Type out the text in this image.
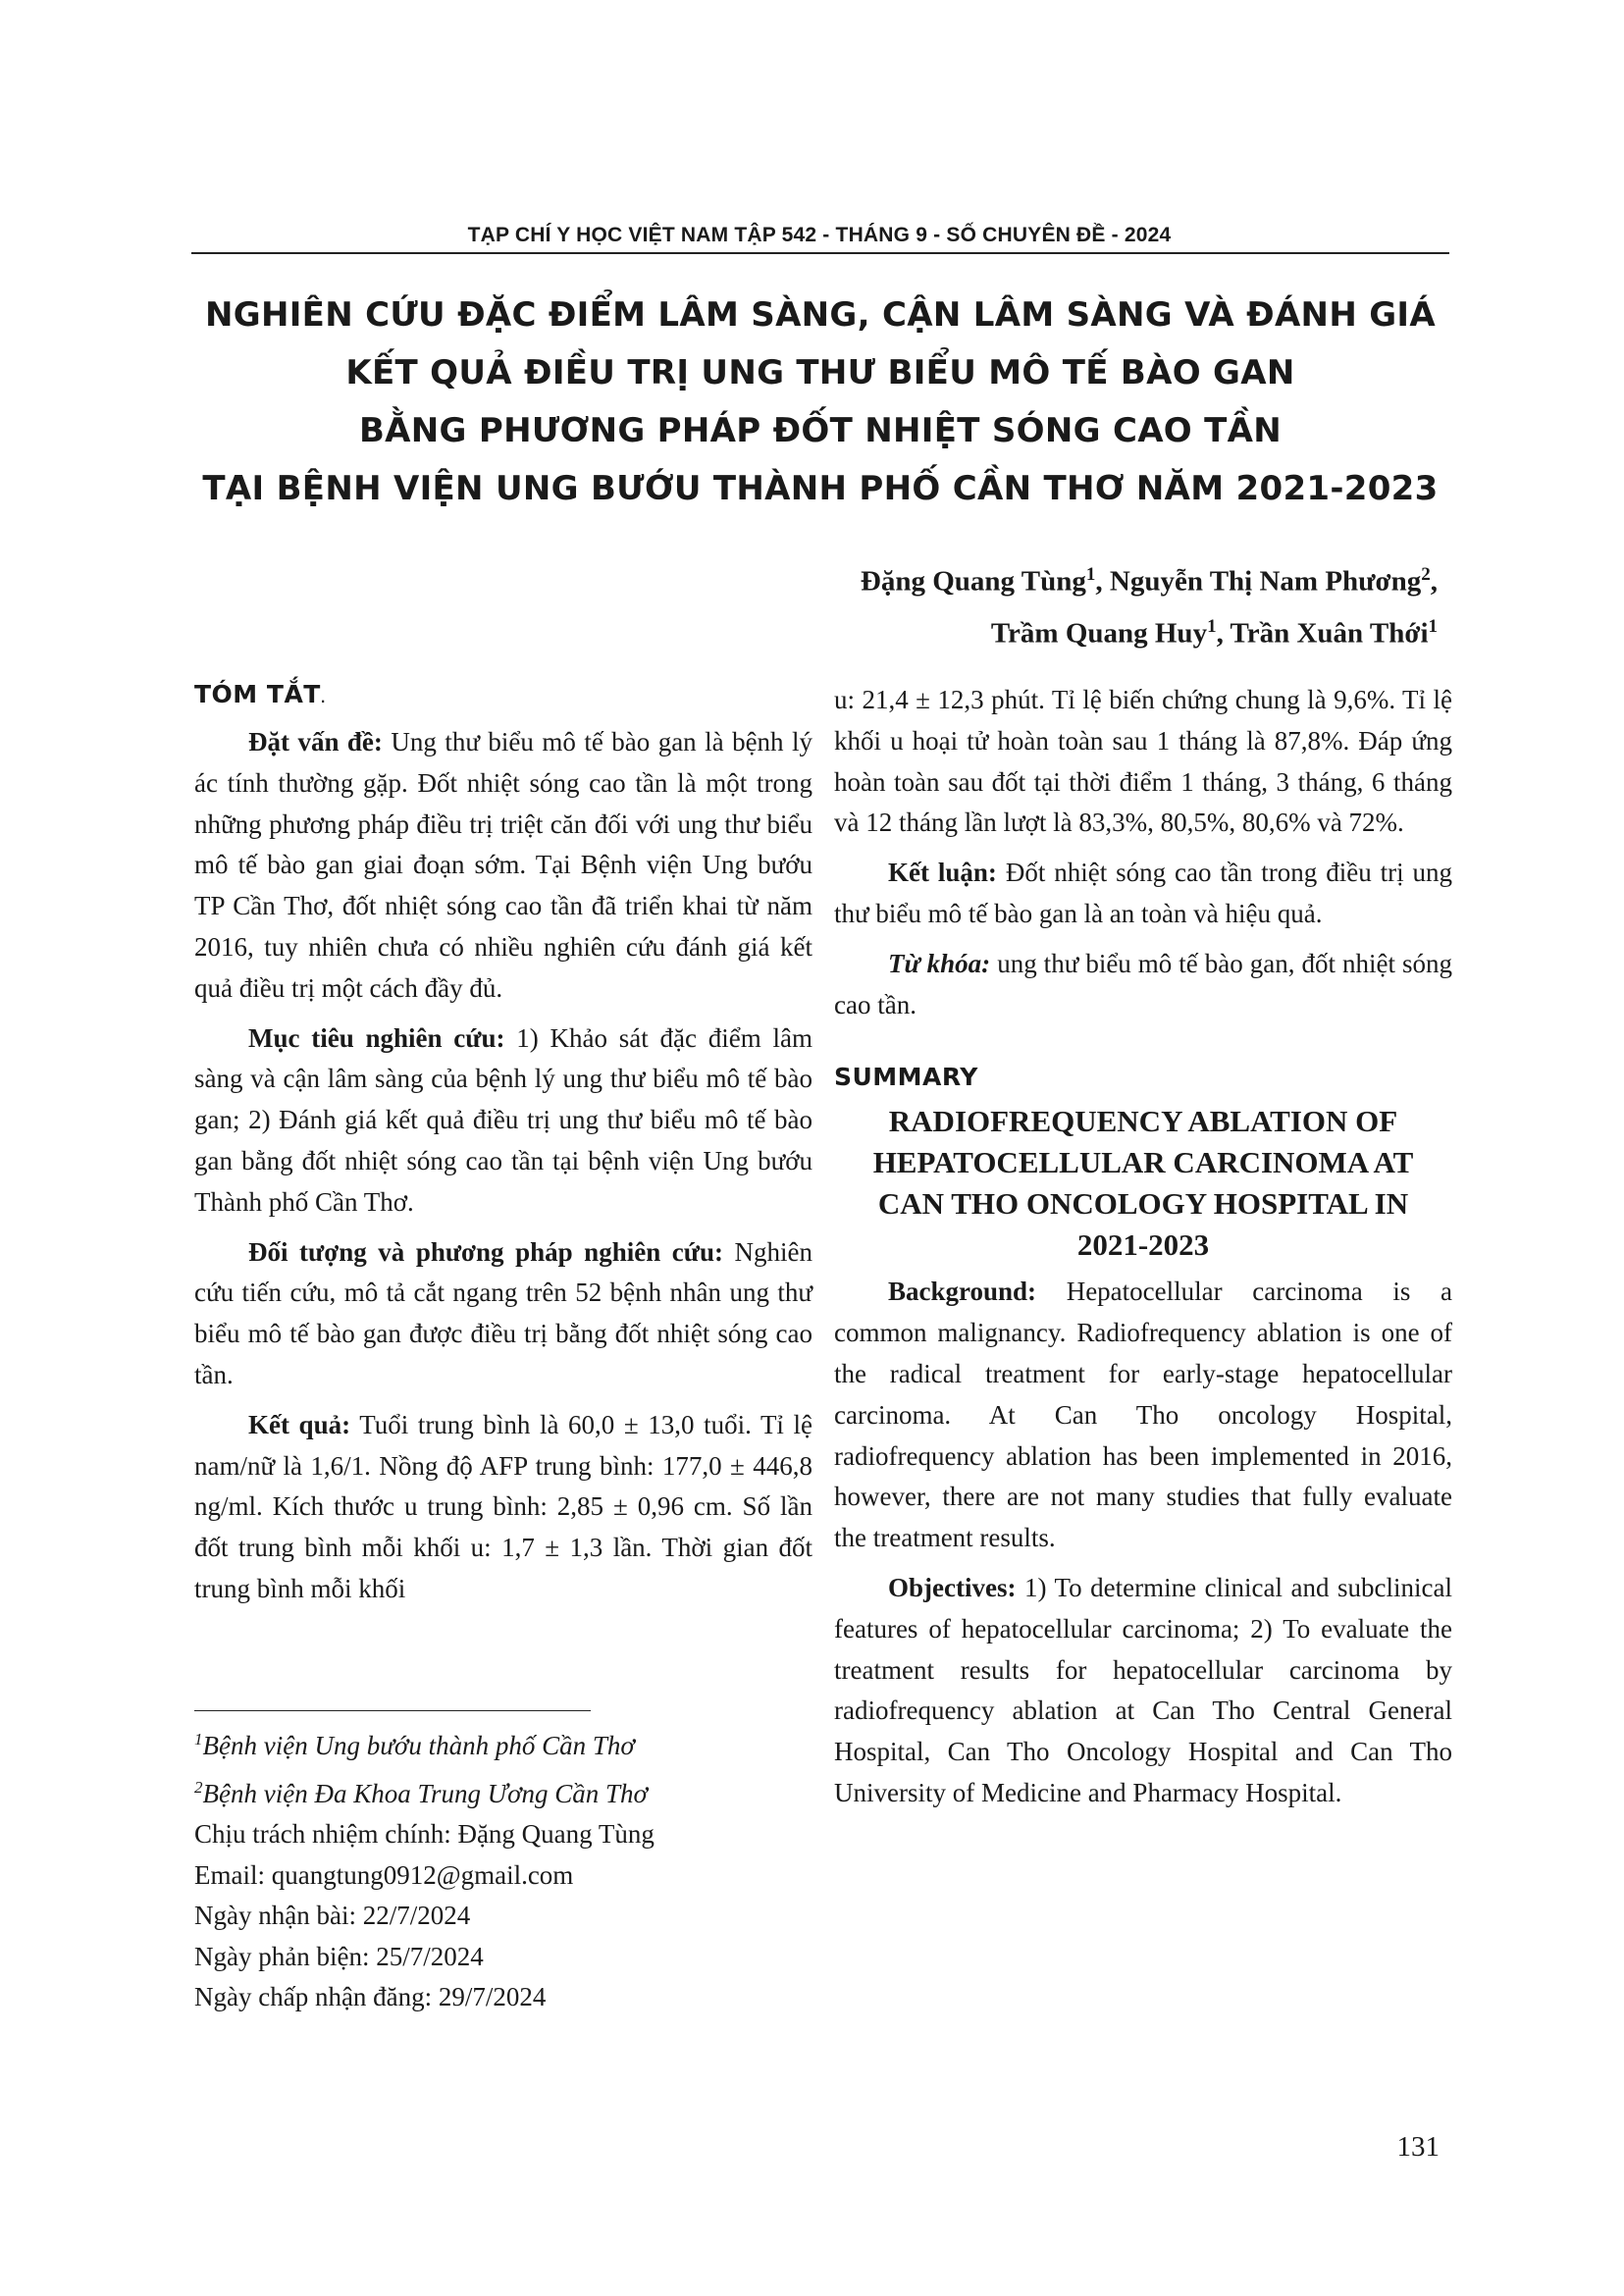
TẠP CHÍ Y HỌC VIỆT NAM TẬP 542 - THÁNG 9 - SỐ CHUYÊN ĐỀ - 2024
NGHIÊN CỨU ĐẶC ĐIỂM LÂM SÀNG, CẬN LÂM SÀNG VÀ ĐÁNH GIÁ
KẾT QUẢ ĐIỀU TRỊ UNG THƯ BIỂU MÔ TẾ BÀO GAN
BẰNG PHƯƠNG PHÁP ĐỐT NHIỆT SÓNG CAO TẦN
TẠI BỆNH VIỆN UNG BƯỚU THÀNH PHỐ CẦN THƠ NĂM 2021-2023
Đặng Quang Tùng$^1$, Nguyễn Thị Nam Phương$^2$,
Trầm Quang Huy$^1$, Trần Xuân Thới$^1$
TÓM TẮT.

Đặt vấn đề: Ung thư biểu mô tế bào gan là bệnh lý ác tính thường gặp. Đốt nhiệt sóng cao tần là một trong những phương pháp điều trị triệt căn đối với ung thư biểu mô tế bào gan giai đoạn sớm. Tại Bệnh viện Ung bướu TP Cần Thơ, đốt nhiệt sóng cao tần đã triển khai từ năm 2016, tuy nhiên chưa có nhiều nghiên cứu đánh giá kết quả điều trị một cách đầy đủ.

Mục tiêu nghiên cứu: 1) Khảo sát đặc điểm lâm sàng và cận lâm sàng của bệnh lý ung thư biểu mô tế bào gan; 2) Đánh giá kết quả điều trị ung thư biểu mô tế bào gan bằng đốt nhiệt sóng cao tần tại bệnh viện Ung bướu Thành phố Cần Thơ.

Đối tượng và phương pháp nghiên cứu: Nghiên cứu tiến cứu, mô tả cắt ngang trên 52 bệnh nhân ung thư biểu mô tế bào gan được điều trị bằng đốt nhiệt sóng cao tần.

Kết quả: Tuổi trung bình là 60,0 ± 13,0 tuổi. Tỉ lệ nam/nữ là 1,6/1. Nồng độ AFP trung bình: 177,0 ± 446,8 ng/ml. Kích thước u trung bình: 2,85 ± 0,96 cm. Số lần đốt trung bình mỗi khối u: 1,7 ± 1,3 lần. Thời gian đốt trung bình mỗi khối

$^1$Bệnh viện Ung bướu thành phố Cần Thơ
$^2$Bệnh viện Đa Khoa Trung Ương Cần Thơ
Chịu trách nhiệm chính: Đặng Quang Tùng
Email: quangtung0912@gmail.com
Ngày nhận bài: 22/7/2024
Ngày phản biện: 25/7/2024
Ngày chấp nhận đăng: 29/7/2024

u: 21,4 ± 12,3 phút. Tỉ lệ biến chứng chung là 9,6%. Tỉ lệ khối u hoại tử hoàn toàn sau 1 tháng là 87,8%. Đáp ứng hoàn toàn sau đốt tại thời điểm 1 tháng, 3 tháng, 6 tháng và 12 tháng lần lượt là 83,3%, 80,5%, 80,6% và 72%.

Kết luận: Đốt nhiệt sóng cao tần trong điều trị ung thư biểu mô tế bào gan là an toàn và hiệu quả.

Từ khóa: ung thư biểu mô tế bào gan, đốt nhiệt sóng cao tần.

SUMMARY
RADIOFREQUENCY ABLATION OF
HEPATOCELLULAR CARCINOMA AT
CAN THO ONCOLOGY HOSPITAL IN
2021-2023

Background: Hepatocellular carcinoma is a common malignancy. Radiofrequency ablation is one of the radical treatment for early-stage hepatocellular carcinoma. At Can Tho oncology Hospital, radiofrequency ablation has been implemented in 2016, however, there are not many studies that fully evaluate the treatment results.

Objectives: 1) To determine clinical and subclinical features of hepatocellular carcinoma; 2) To evaluate the treatment results for hepatocellular carcinoma by radiofrequency ablation at Can Tho Central General Hospital, Can Tho Oncology Hospital and Can Tho University of Medicine and Pharmacy Hospital.

131
